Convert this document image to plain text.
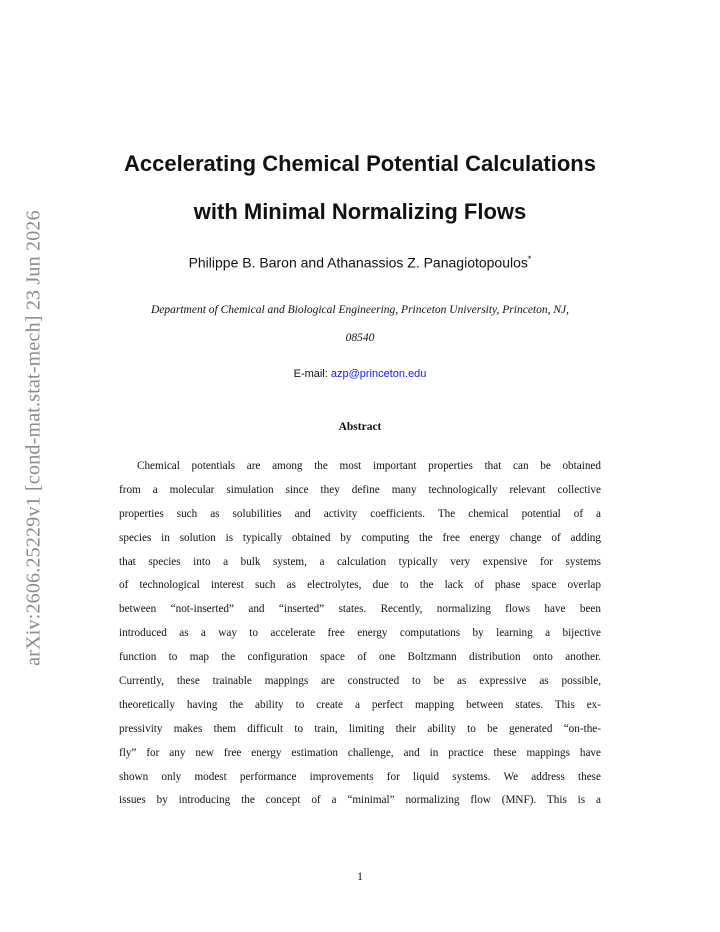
arXiv:2606.25229v1 [cond-mat.stat-mech] 23 Jun 2026
Accelerating Chemical Potential Calculations
with Minimal Normalizing Flows
Philippe B. Baron and Athanassios Z. Panagiotopoulos*
Department of Chemical and Biological Engineering, Princeton University, Princeton, NJ,
08540
E-mail: azp@princeton.edu
Abstract
Chemical potentials are among the most important properties that can be obtained
from a molecular simulation since they define many technologically relevant collective
properties such as solubilities and activity coefficients. The chemical potential of a
species in solution is typically obtained by computing the free energy change of adding
that species into a bulk system, a calculation typically very expensive for systems
of technological interest such as electrolytes, due to the lack of phase space overlap
between “not-inserted” and “inserted” states. Recently, normalizing flows have been
introduced as a way to accelerate free energy computations by learning a bijective
function to map the configuration space of one Boltzmann distribution onto another.
Currently, these trainable mappings are constructed to be as expressive as possible,
theoretically having the ability to create a perfect mapping between states. This ex-
pressivity makes them difficult to train, limiting their ability to be generated “on-the-
fly” for any new free energy estimation challenge, and in practice these mappings have
shown only modest performance improvements for liquid systems. We address these
issues by introducing the concept of a “minimal” normalizing flow (MNF). This is a
1
